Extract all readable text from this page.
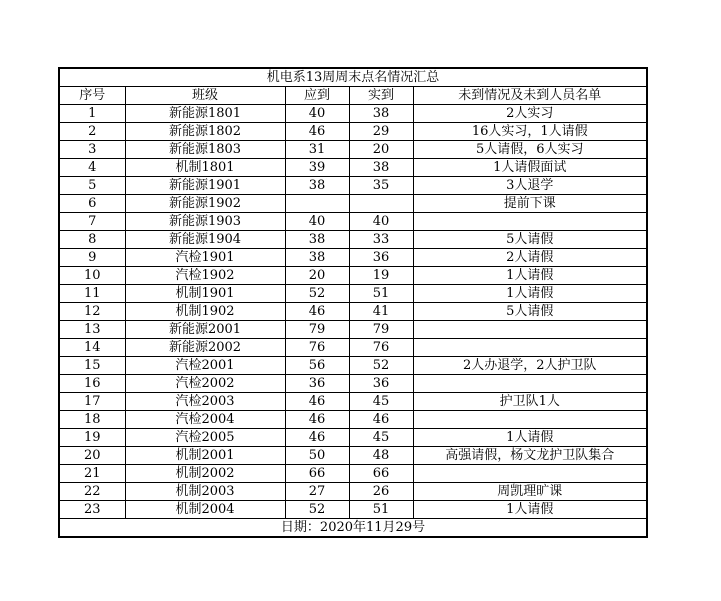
机电系13周周末点名情况汇总				
序号	班级	应到	实到	未到情况及未到人员名单
1	新能源1801	40	38	2人实习
2	新能源1802	46	29	16人实习，1人请假
3	新能源1803	31	20	5人请假，6人实习
4	机制1801	39	38	1人请假面试
5	新能源1901	38	35	3人退学
6	新能源1902			提前下课
7	新能源1903	40	40	
8	新能源1904	38	33	5人请假
9	汽检1901	38	36	2人请假
10	汽检1902	20	19	1人请假
11	机制1901	52	51	1人请假
12	机制1902	46	41	5人请假
13	新能源2001	79	79	
14	新能源2002	76	76	
15	汽检2001	56	52	2人办退学，2人护卫队
16	汽检2002	36	36	
17	汽检2003	46	45	护卫队1人
18	汽检2004	46	46	
19	汽检2005	46	45	1人请假
20	机制2001	50	48	高强请假，杨文龙护卫队集合
21	机制2002	66	66	
22	机制2003	27	26	周凯理旷课
23	机制2004	52	51	1人请假
日期：2020年11月29号				
